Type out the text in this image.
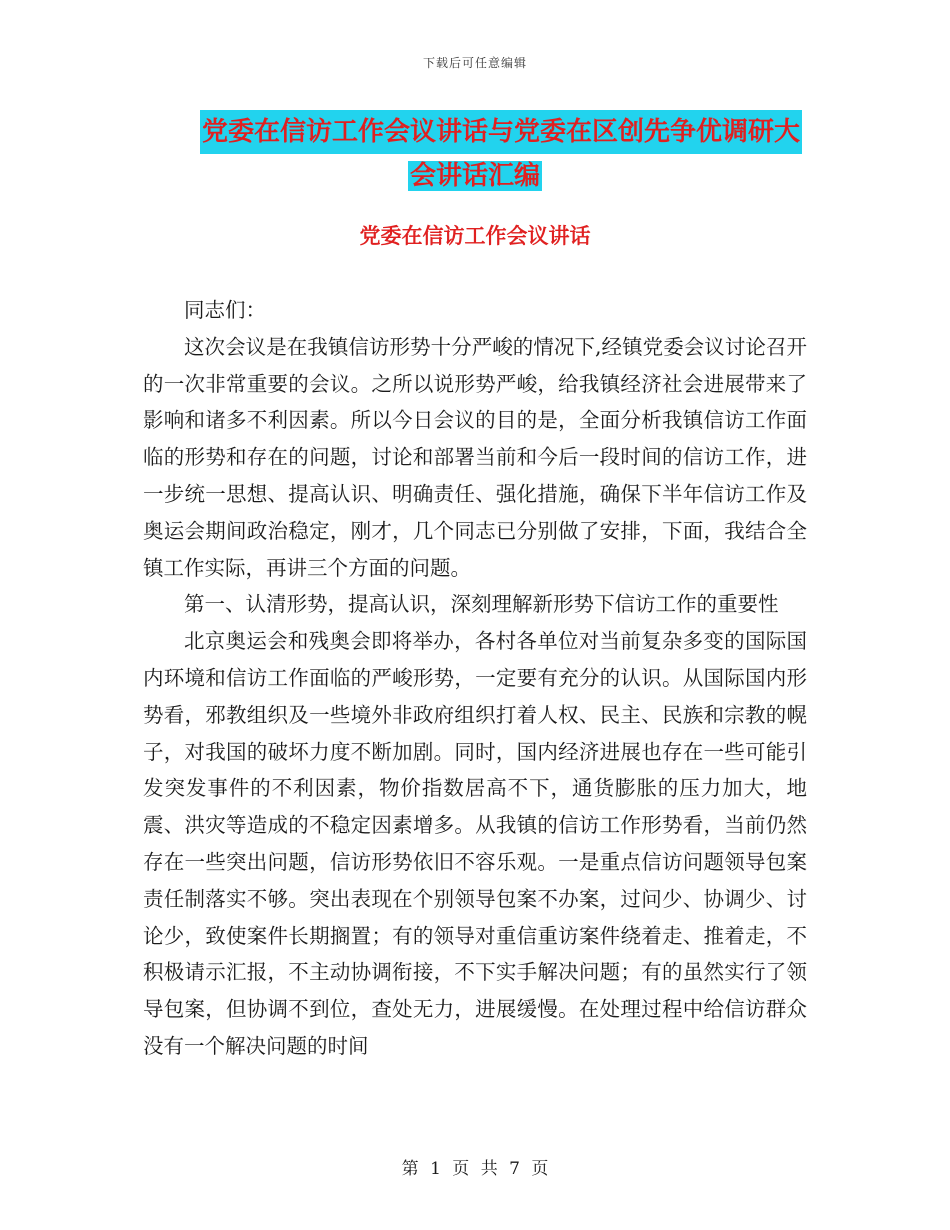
下载后可任意编辑
党委在信访工作会议讲话与党委在区创先争优调研大
会讲话汇编
党委在信访工作会议讲话

同志们：

这次会议是在我镇信访形势十分严峻的情况下,经镇党委会议讨论召开的一次非常重要的会议。之所以说形势严峻，给我镇经济社会进展带来了影响和诸多不利因素。所以今日会议的目的是，全面分析我镇信访工作面临的形势和存在的问题，讨论和部署当前和今后一段时间的信访工作，进一步统一思想、提高认识、明确责任、强化措施，确保下半年信访工作及奥运会期间政治稳定，刚才，几个同志已分别做了安排，下面，我结合全镇工作实际，再讲三个方面的问题。

第一、认清形势，提高认识，深刻理解新形势下信访工作的重要性

北京奥运会和残奥会即将举办，各村各单位对当前复杂多变的国际国内环境和信访工作面临的严峻形势，一定要有充分的认识。从国际国内形势看，邪教组织及一些境外非政府组织打着人权、民主、民族和宗教的幌子，对我国的破坏力度不断加剧。同时，国内经济进展也存在一些可能引发突发事件的不利因素，物价指数居高不下，通货膨胀的压力加大，地震、洪灾等造成的不稳定因素增多。从我镇的信访工作形势看，当前仍然存在一些突出问题，信访形势依旧不容乐观。一是重点信访问题领导包案责任制落实不够。突出表现在个别领导包案不办案，过问少、协调少、讨论少，致使案件长期搁置；有的领导对重信重访案件绕着走、推着走，不积极请示汇报，不主动协调衔接，不下实手解决问题；有的虽然实行了领导包案，但协调不到位，查处无力，进展缓慢。在处理过程中给信访群众没有一个解决问题的时间

第 1 页 共 7 页
